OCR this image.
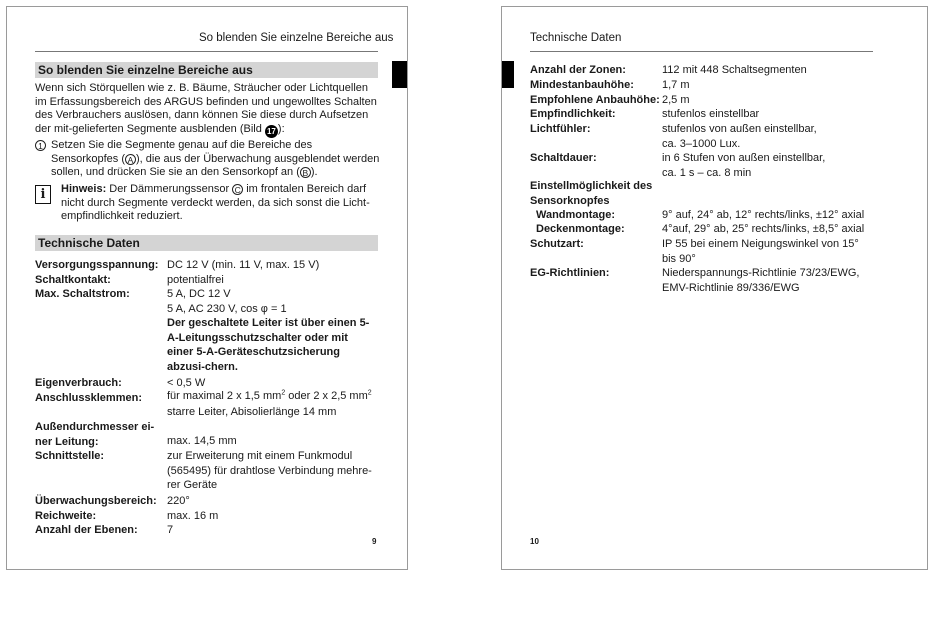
So blenden Sie einzelne Bereiche aus
So blenden Sie einzelne Bereiche aus

Wenn sich Störquellen wie z. B. Bäume, Sträucher oder Lichtquellen im Erfassungsbereich des ARGUS befinden und ungewolltes Schalten des Verbrauchers auslösen, dann können Sie diese durch Aufsetzen der mit-gelieferten Segmente ausblenden (Bild 17 ):

1 Setzen Sie die Segmente genau auf die Bereiche des Sensorkopfes ( A ), die aus der Überwachung ausgeblendet werden sollen, und drücken Sie sie an den Sensorkopf an ( B ).

i	Hinweis: Der Dämmerungssensor C im frontalen Bereich darf nicht durch Segmente verdeckt werden, da sich sonst die Licht-empfindlichkeit reduziert.

Technische Daten
Versorgungsspannung: DC 12 V (min. 11 V, max. 15 V)
Schaltkontakt:	potentialfrei
Max. Schaltstrom:	5 A, DC 12 V
5 A, AC 230 V, cos φ = 1
Der geschaltete Leiter ist über einen 5-A-Leitungsschutzschalter oder mit einer 5-A-Geräteschutzsicherung abzusi-chern.
Eigenverbrauch:	< 0,5 W
Anschlussklemmen: für maximal 2 x 1,5 $mm^2$ oder 2 x 2,5 $mm^2$
starre Leiter, Abisolierlänge 14 mm
Außendurchmesser ei-ner Leitung:	max. 14,5 mm
Schnittstelle:	zur Erweiterung mit einem Funkmodul (565495) für drahtlose Verbindung mehre-rer Geräte
Überwachungsbereich: 220°
Reichweite:	max. 16 m
Anzahl der Ebenen:	7
9
Technische Daten
Anzahl der Zonen:	112 mit 448 Schaltsegmenten
Mindestanbauhöhe:	1,7 m
Empfohlene Anbauhöhe: 2,5 m
Empfindlichkeit:	stufenlos einstellbar
Lichtfühler:	stufenlos von außen einstellbar, ca. 3–1000 Lux.
Schaltdauer:	in 6 Stufen von außen einstellbar, ca. 1 s – ca. 8 min
Einstellmöglichkeit des Sensorknopfes
Wandmontage:	9° auf, 24° ab, 12° rechts/links, ±12° axial
Deckenmontage:	4°auf, 29° ab, 25° rechts/links, ±8,5° axial
Schutzart:	IP 55 bei einem Neigungswinkel von 15° bis 90°
EG-Richtlinien:	Niederspannungs-Richtlinie 73/23/EWG, EMV-Richtlinie 89/336/EWG
10
